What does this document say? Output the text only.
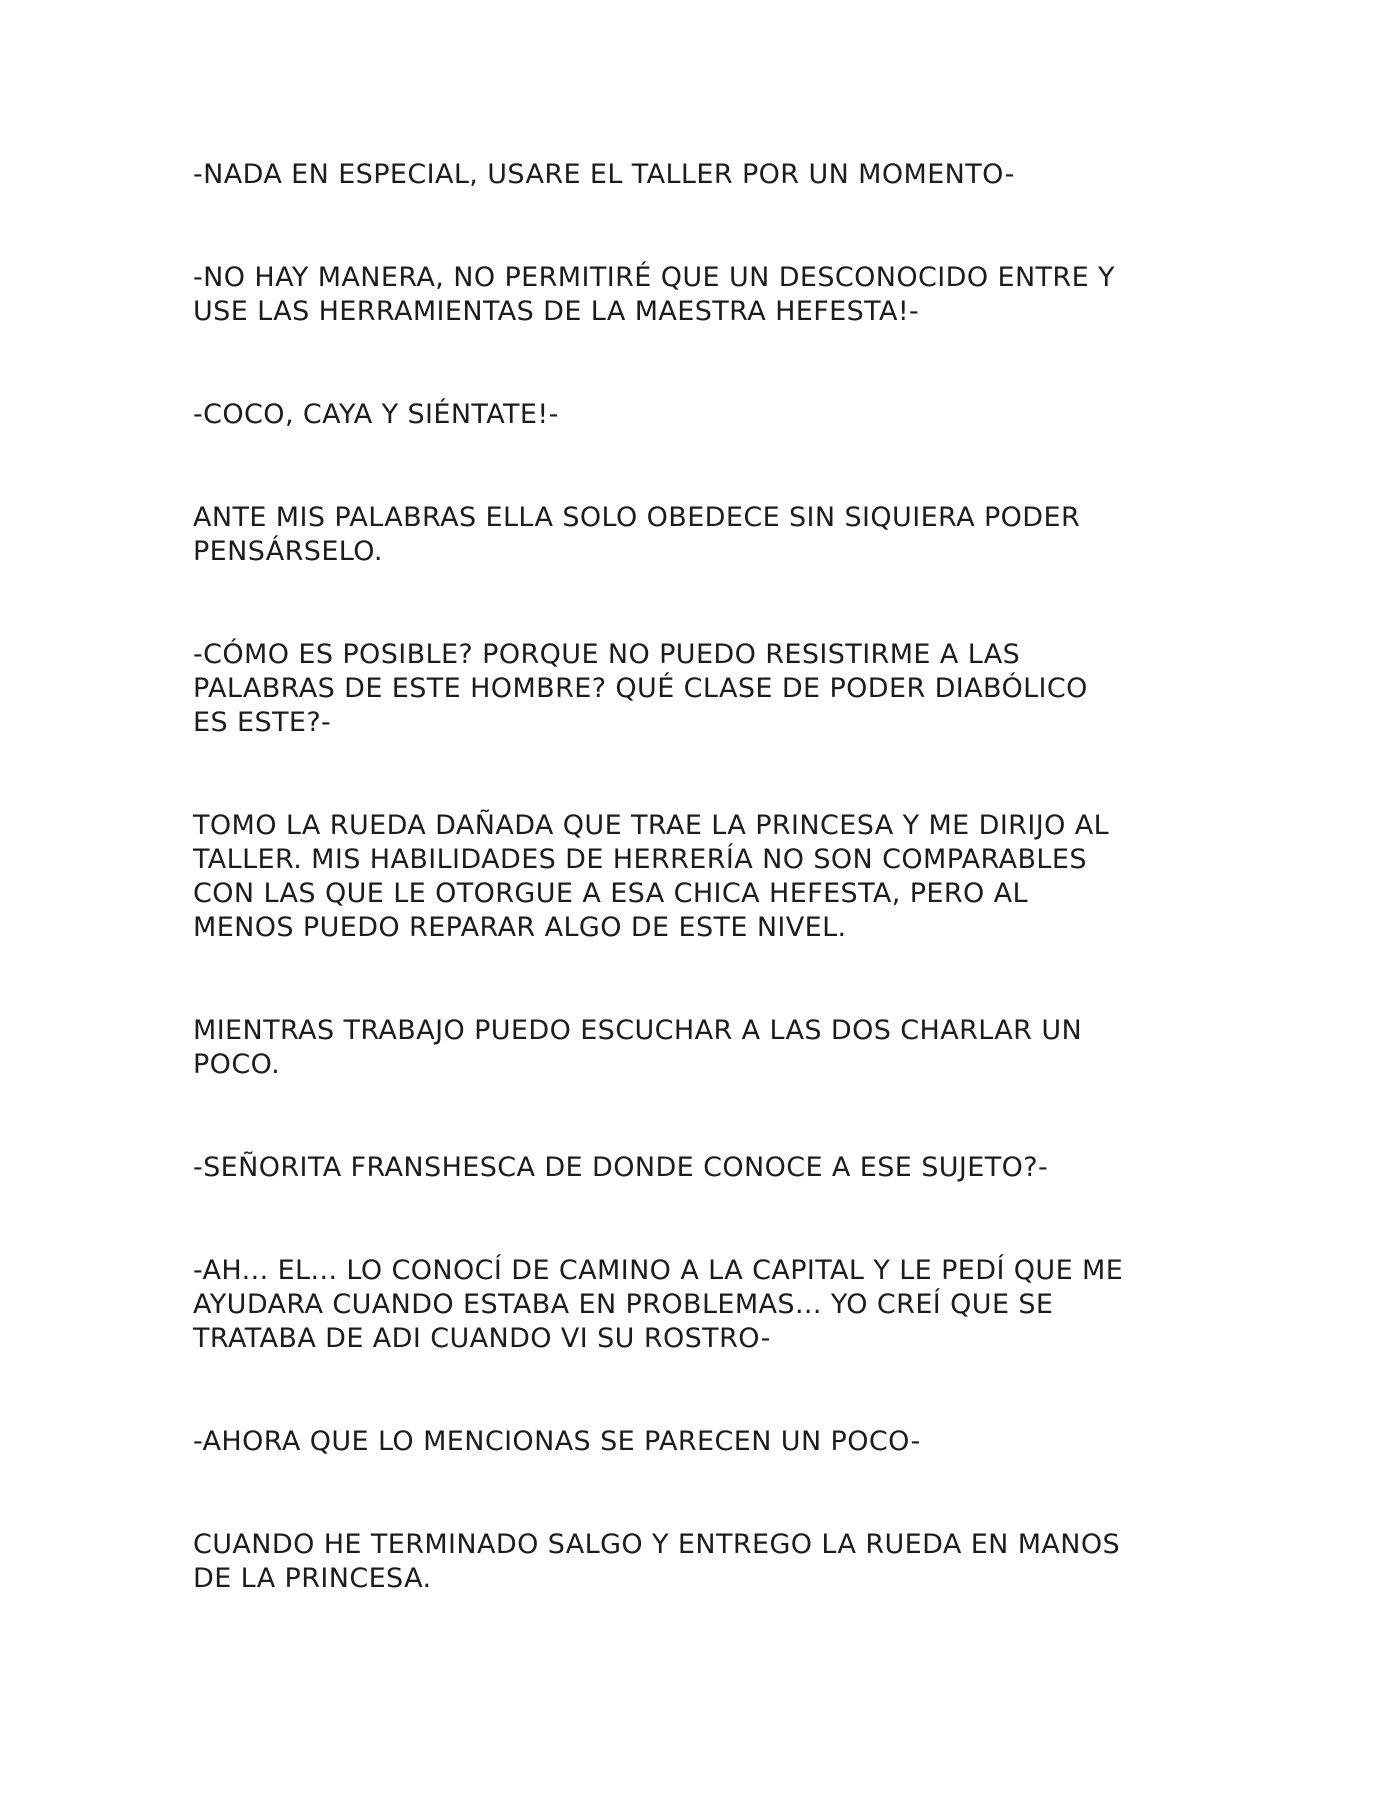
-NADA EN ESPECIAL, USARE EL TALLER POR UN MOMENTO-

-NO HAY MANERA, NO PERMITIRÉ QUE UN DESCONOCIDO ENTRE Y
USE LAS HERRAMIENTAS DE LA MAESTRA HEFESTA!-

-COCO, CAYA Y SIÉNTATE!-

ANTE MIS PALABRAS ELLA SOLO OBEDECE SIN SIQUIERA PODER
PENSÁRSELO.

-CÓMO ES POSIBLE? PORQUE NO PUEDO RESISTIRME A LAS
PALABRAS DE ESTE HOMBRE? QUÉ CLASE DE PODER DIABÓLICO
ES ESTE?-

TOMO LA RUEDA DAÑADA QUE TRAE LA PRINCESA Y ME DIRIJO AL
TALLER. MIS HABILIDADES DE HERRERÍA NO SON COMPARABLES
CON LAS QUE LE OTORGUE A ESA CHICA HEFESTA, PERO AL
MENOS PUEDO REPARAR ALGO DE ESTE NIVEL.

MIENTRAS TRABAJO PUEDO ESCUCHAR A LAS DOS CHARLAR UN
POCO.

-SEÑORITA FRANSHESCA DE DONDE CONOCE A ESE SUJETO?-

-AH... EL... LO CONOCÍ DE CAMINO A LA CAPITAL Y LE PEDÍ QUE ME
AYUDARA CUANDO ESTABA EN PROBLEMAS... YO CREÍ QUE SE
TRATABA DE ADI CUANDO VI SU ROSTRO-

-AHORA QUE LO MENCIONAS SE PARECEN UN POCO-

CUANDO HE TERMINADO SALGO Y ENTREGO LA RUEDA EN MANOS
DE LA PRINCESA.
